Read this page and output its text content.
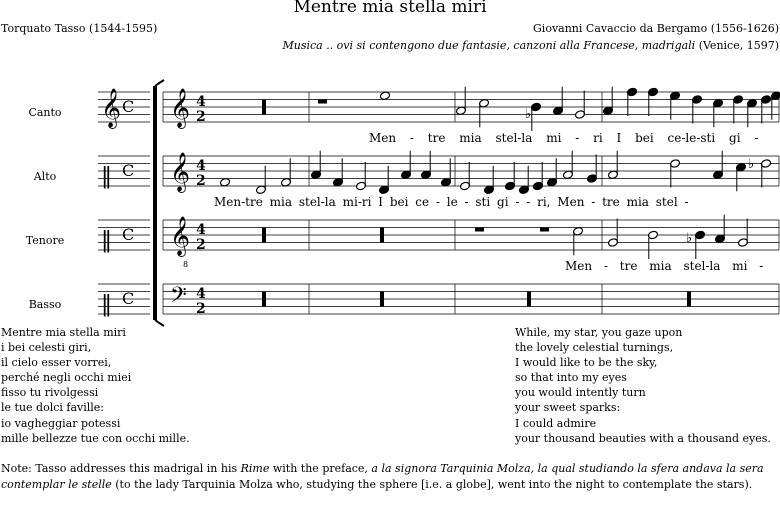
Mentre mia stella miri
Torquato Tasso (1544-1595)	Giovanni Cavaccio da Bergamo (1556-1626)
Musica .. ovi si contengono due fantasie, canzoni alla Francese, madrigali (Venice, 1597)
Canto
Alto
Tenore
Basso
Men - tre mia stel-la mi - ri I bei ce-le-sti gi -
Men-tre mia stel-la mi-ri I bei ce - le - sti gi - - ri, Men - tre mia stel -
Men - tre mia stel-la mi -
𝄞 C 𝄞 4
2
‖ C 𝄞 4
2
‖ C 𝄞 4
2
‖ C 𝄢 4
2
♭
♭
♭
8
Mentre mia stella miri
i bei celesti giri,
il cielo esser vorrei,
perché negli occhi miei
fisso tu rivolgessi
le tue dolci faville:
io vagheggiar potessi
mille bellezze tue con occhi mille.
While, my star, you gaze upon
the lovely celestial turnings,
I would like to be the sky,
so that into my eyes
you would intently turn
your sweet sparks:
I could admire
your thousand beauties with a thousand eyes.
Note: Tasso addresses this madrigal in his Rime with the preface, a la signora Tarquinia Molza, la qual studiando la sfera andava la sera contemplar le stelle (to the lady Tarquinia Molza who, studying the sphere [i.e. a globe], went into the night to contemplate the stars).
